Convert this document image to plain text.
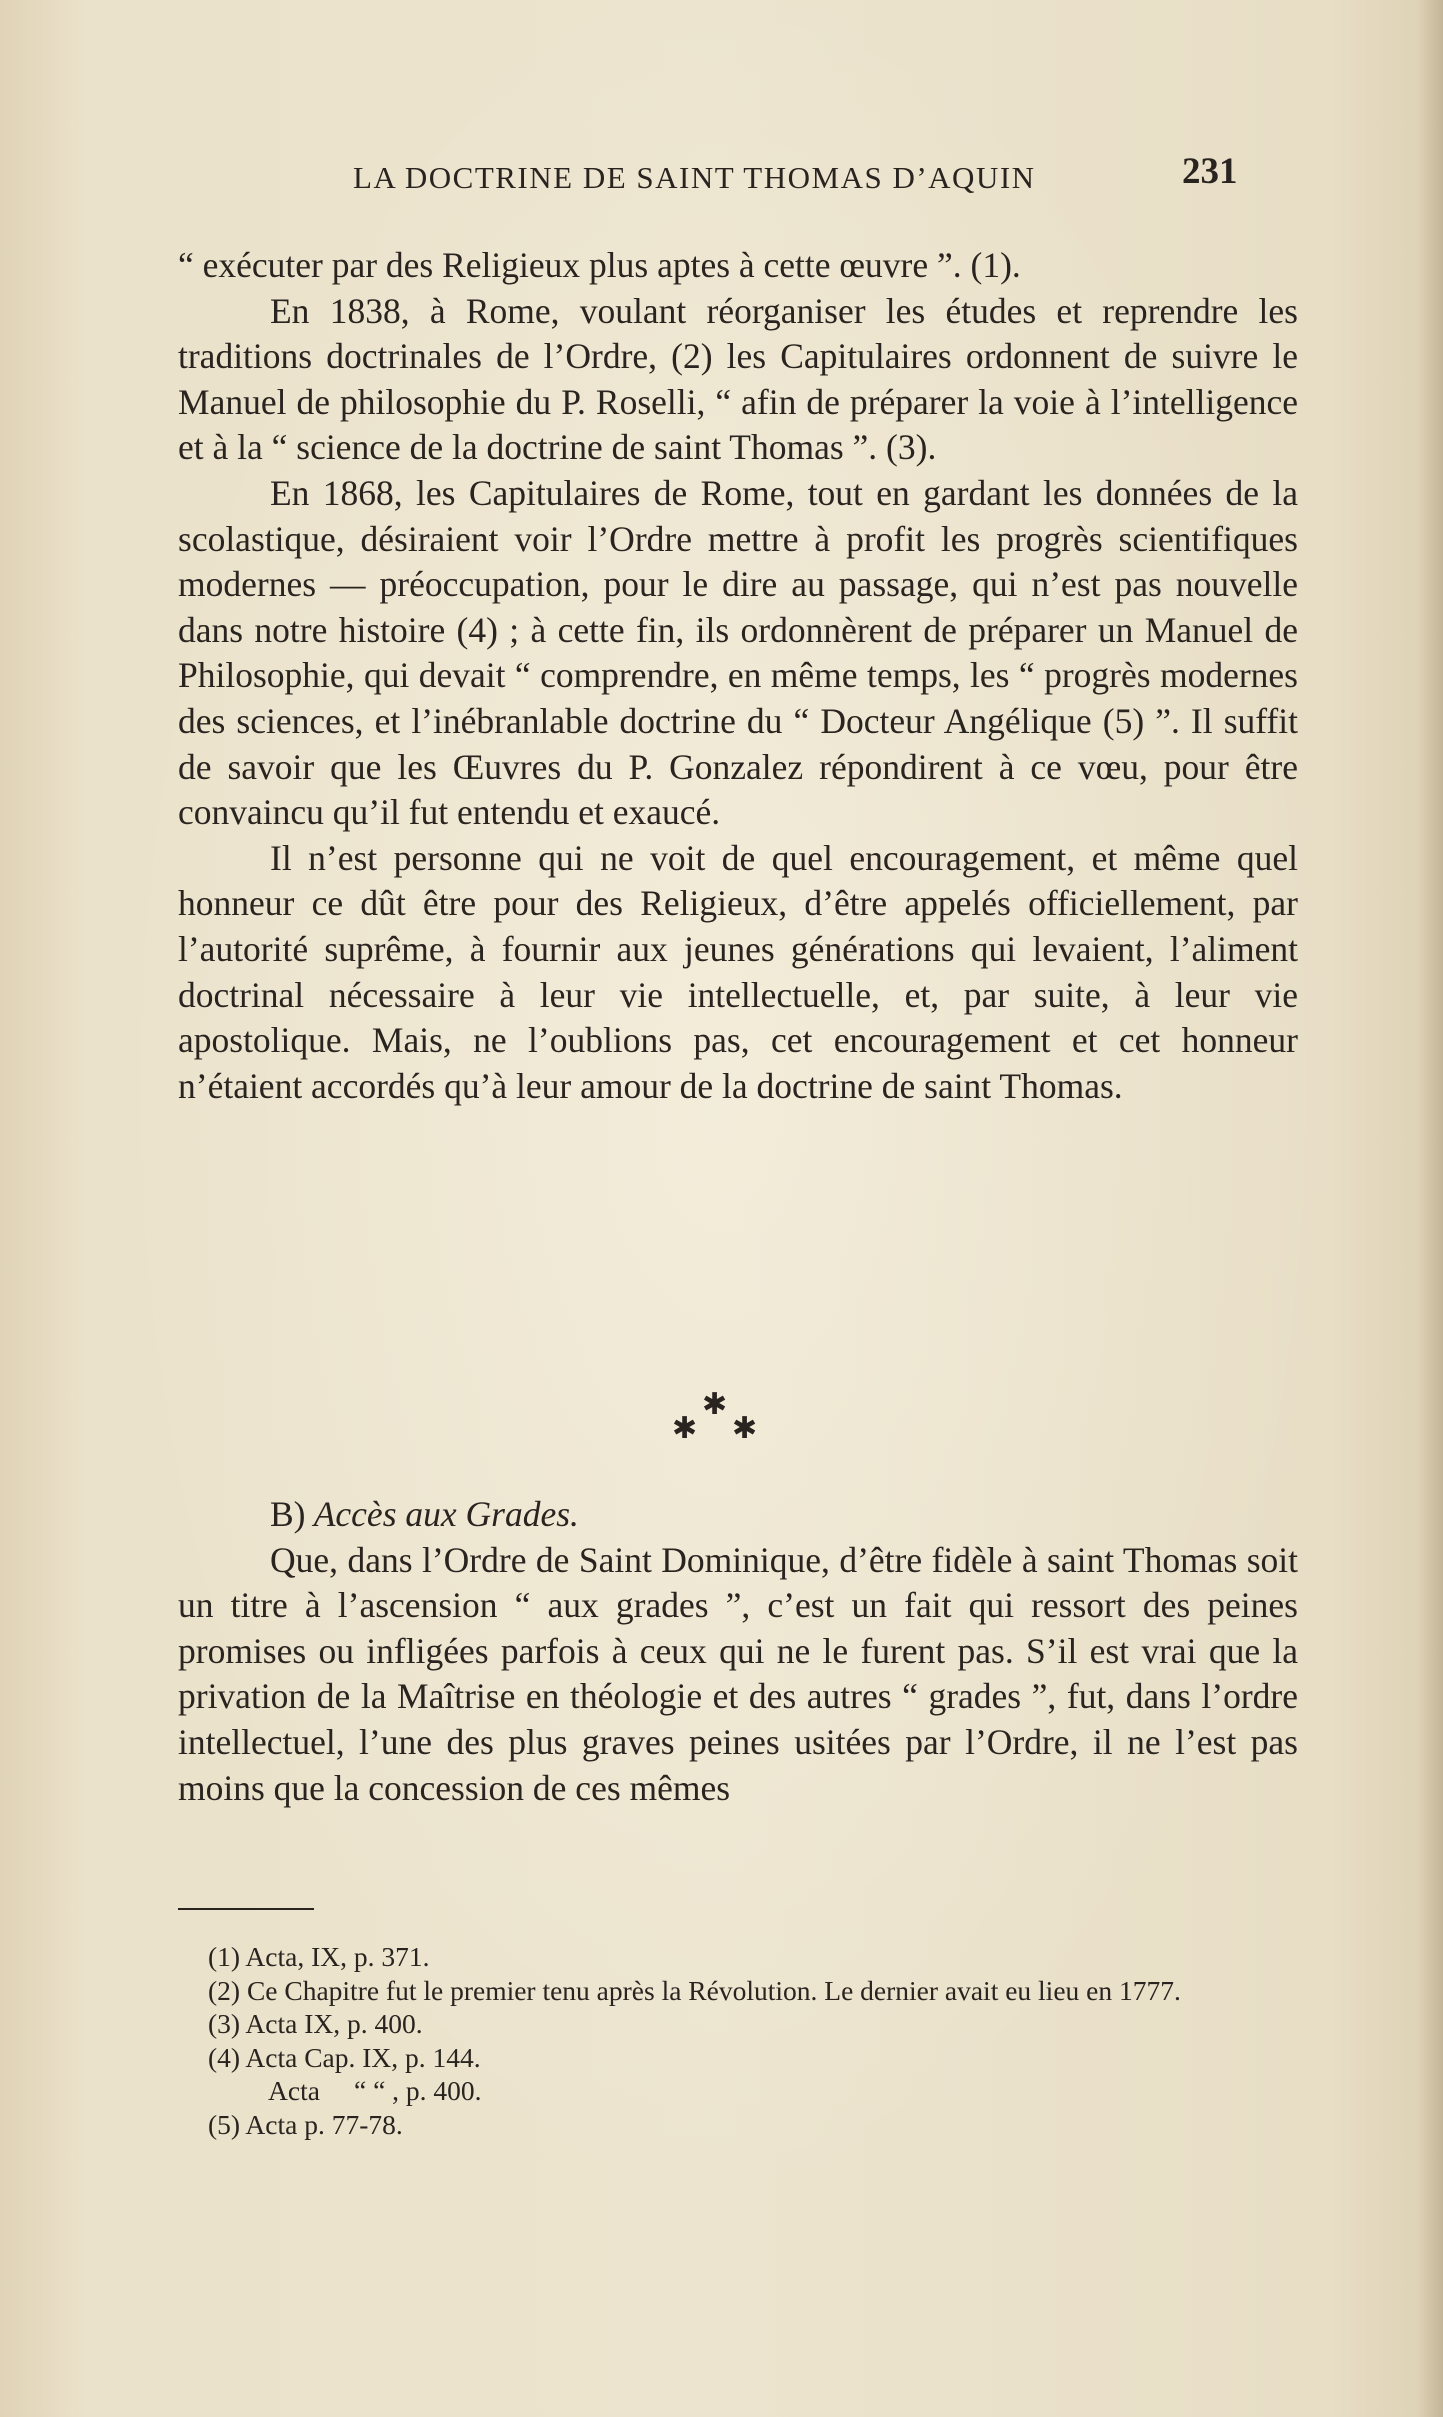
LA DOCTRINE DE SAINT THOMAS D’AQUIN	231

“ exécuter par des Religieux plus aptes à cette œuvre ”. (1).

En 1838, à Rome, voulant réorganiser les études et reprendre les traditions doctrinales de l’Ordre, (2) les Capitulaires ordonnent de suivre le Manuel de philosophie du P. Roselli, “ afin de préparer la voie à l’intelligence et à la “ science de la doctrine de saint Thomas ”. (3).

En 1868, les Capitulaires de Rome, tout en gardant les données de la scolastique, désiraient voir l’Ordre mettre à profit les progrès scientifiques modernes — préoccupation, pour le dire au passage, qui n’est pas nouvelle dans notre histoire (4) ; à cette fin, ils ordonnèrent de préparer un Manuel de Philosophie, qui devait “ comprendre, en même temps, les “ progrès modernes des sciences, et l’inébranlable doctrine du “ Docteur Angélique (5) ”. Il suffit de savoir que les Œuvres du P. Gonzalez répondirent à ce vœu, pour être convaincu qu’il fut entendu et exaucé.

Il n’est personne qui ne voit de quel encouragement, et même quel honneur ce dût être pour des Religieux, d’être appelés officiellement, par l’autorité suprême, à fournir aux jeunes générations qui levaient, l’aliment doctrinal nécessaire à leur vie intellectuelle, et, par suite, à leur vie apostolique. Mais, ne l’oublions pas, cet encouragement et cet honneur n’étaient accordés qu’à leur amour de la doctrine de saint Thomas.

✱
✱ ✱

B) Accès aux Grades.

Que, dans l’Ordre de Saint Dominique, d’être fidèle à saint Thomas soit un titre à l’ascension “ aux grades ”, c’est un fait qui ressort des peines promises ou infligées parfois à ceux qui ne le furent pas. S’il est vrai que la privation de la Maîtrise en théologie et des autres “ grades ”, fut, dans l’ordre intellectuel, l’une des plus graves peines usitées par l’Ordre, il ne l’est pas moins que la concession de ces mêmes

(1) Acta, IX, p. 371.

(2) Ce Chapitre fut le premier tenu après la Révolution. Le dernier avait eu lieu en 1777.

(3) Acta IX, p. 400.

(4) Acta Cap. IX, p. 144.

Acta “ “ , p. 400.

(5) Acta p. 77-78.
